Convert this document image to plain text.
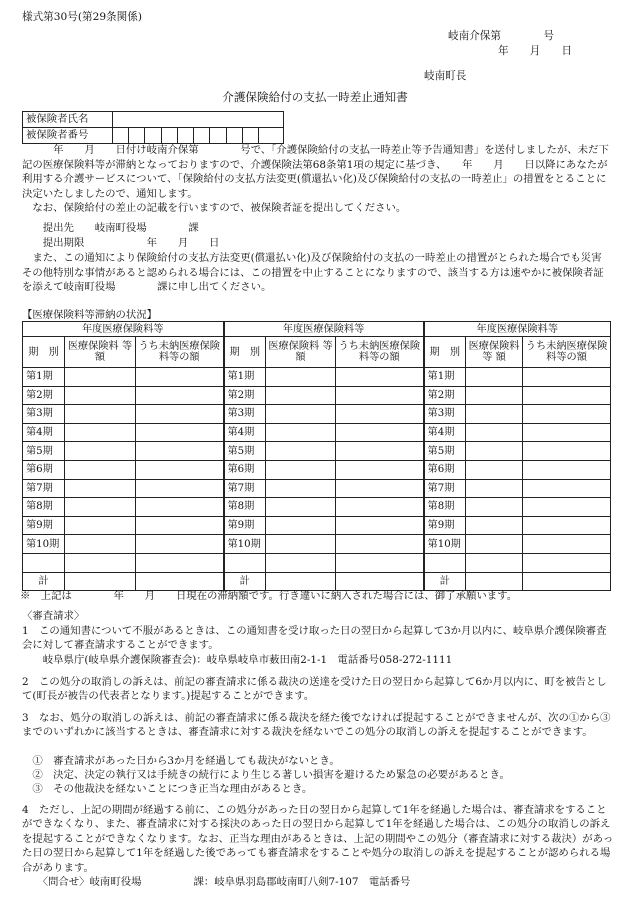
様式第30号(第29条関係)
岐南介保第　　　　号
年　　月　　日
岐南町長
介護保険給付の支払一時差止通知書
被保険者氏名										
被保険者番号										
　　　年　　月　　日付け岐南介保第　　　　号で、「介護保険給付の支払一時差止等予告通知書」を送付しましたが、未だ下記の医療保険料等が滞納となっておりますので、介護保険法第68条第1項の規定に基づき、　　年　　月　　日以降にあなたが利用する介護サービスについて、「保険給付の支払方法変更(償還払い化)及び保険給付の支払の一時差止」の措置をとることに決定いたしましたので、通知します。
　なお、保険給付の差止の記載を行いますので、被保険者証を提出してください。
　　提出先　　岐南町役場　　　　課
　　提出期限　　　　　　年　　月　　日
　また、この通知により保険給付の支払方法変更(償還払い化)及び保険給付の支払の一時差止の措置がとられた場合でも災害その他特別な事情があると認められる場合には、この措置を中止することになりますので、該当する方は速やかに被保険者証を添えて岐南町役場　　　　課に申し出てください。
【医療保険料等滞納の状況】
年度医療保険料等			年度医療保険料等			年度医療保険料等		
期　別	医療保険料 等 額	うち未納医療保険料等の額	期　別	医療保険料 等 額	うち未納医療保険料等の額	期　別	医療保険料 等 額	うち未納医療保険料等の額
第1期			第1期			第1期		
第2期			第2期			第2期		
第3期			第3期			第3期		
第4期			第4期			第4期		
第5期			第5期			第5期		
第6期			第6期			第6期		
第7期			第7期			第7期		
第8期			第8期			第8期		
第9期			第9期			第9期		
第10期			第10期			第10期		

計			計			計		
※　上記は　　　　年　　月　　日現在の滞納額です。行き違いに納入された場合には、御了承願います。
〈審査請求〉
1　この通知書について不服があるときは、この通知書を受け取った日の翌日から起算して3か月以内に、岐阜県介護保険審査会に対して審査請求することができます。
　　岐阜県庁(岐阜県介護保険審査会)：岐阜県岐阜市薮田南2-1-1　電話番号058-272-1111
2　この処分の取消しの訴えは、前記の審査請求に係る裁決の送達を受けた日の翌日から起算して6か月以内に、町を被告として(町長が被告の代表者となります。)提起することができます。
3　なお、処分の取消しの訴えは、前記の審査請求に係る裁決を経た後でなければ提起することができませんが、次の①から③までのいずれかに該当するときは、審査請求に対する裁決を経ないでこの処分の取消しの訴えを提起することができます。
　①　審査請求があった日から3か月を経過しても裁決がないとき。
　②　決定、決定の執行又は手続きの続行により生じる著しい損害を避けるため緊急の必要があるとき。
　③　その他裁決を経ないことにつき正当な理由があるとき。
4　ただし、上記の期間が経過する前に、この処分があった日の翌日から起算して1年を経過した場合は、審査請求をすることができなくなり、また、審査請求に対する採決のあった日の翌日から起算して1年を経過した場合は、この処分の取消しの訴えを提起することができなくなります。なお、正当な理由があるときは、上記の期間やこの処分（審査請求に対する裁決）があった日の翌日から起算して1年を経過した後であっても審査請求をすることや処分の取消しの訴えを提起することが認められる場合があります。
　　〈問合せ〉岐南町役場　　　　　課：岐阜県羽島郡岐南町八剣7-107　電話番号
